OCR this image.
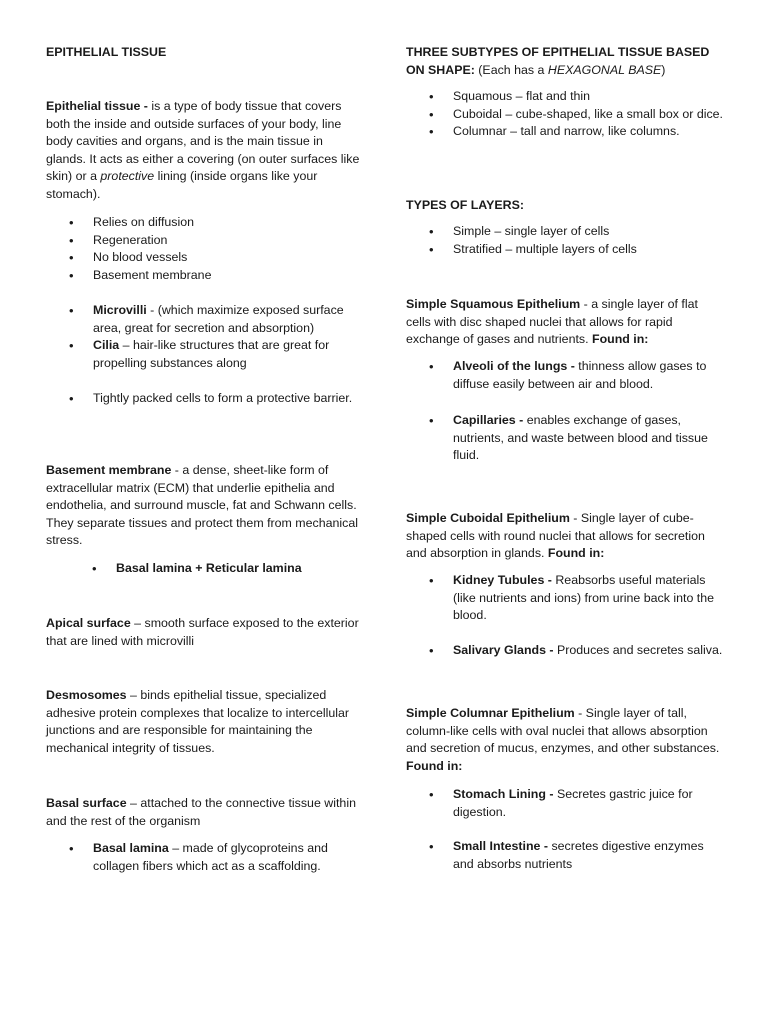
EPITHELIAL TISSUE

Epithelial tissue - is a type of body tissue that covers both the inside and outside surfaces of your body, line body cavities and organs, and is the main tissue in glands. It acts as either a covering (on outer surfaces like skin) or a protective lining (inside organs like your stomach).

• Relies on diffusion
• Regeneration
• No blood vessels
• Basement membrane
• Microvilli - (which maximize exposed surface area, great for secretion and absorption)
• Cilia – hair-like structures that are great for propelling substances along
• Tightly packed cells to form a protective barrier.

Basement membrane - a dense, sheet-like form of extracellular matrix (ECM) that underlie epithelia and endothelia, and surround muscle, fat and Schwann cells. They separate tissues and protect them from mechanical stress.

• Basal lamina + Reticular lamina

Apical surface – smooth surface exposed to the exterior that are lined with microvilli

Desmosomes – binds epithelial tissue, specialized adhesive protein complexes that localize to intercellular junctions and are responsible for maintaining the mechanical integrity of tissues.

Basal surface – attached to the connective tissue within and the rest of the organism

• Basal lamina – made of glycoproteins and collagen fibers which act as a scaffolding.

THREE SUBTYPES OF EPITHELIAL TISSUE BASED ON SHAPE: (Each has a HEXAGONAL BASE)

• Squamous – flat and thin
• Cuboidal – cube-shaped, like a small box or dice.
• Columnar – tall and narrow, like columns.

TYPES OF LAYERS:

• Simple – single layer of cells
• Stratified – multiple layers of cells

Simple Squamous Epithelium - a single layer of flat cells with disc shaped nuclei that allows for rapid exchange of gases and nutrients. Found in:

• Alveoli of the lungs - thinness allow gases to diffuse easily between air and blood.
• Capillaries - enables exchange of gases, nutrients, and waste between blood and tissue fluid.

Simple Cuboidal Epithelium - Single layer of cube-shaped cells with round nuclei that allows for secretion and absorption in glands. Found in:

• Kidney Tubules - Reabsorbs useful materials (like nutrients and ions) from urine back into the blood.
• Salivary Glands - Produces and secretes saliva.

Simple Columnar Epithelium - Single layer of tall, column-like cells with oval nuclei that allows absorption and secretion of mucus, enzymes, and other substances. Found in:

• Stomach Lining - Secretes gastric juice for digestion.
• Small Intestine - secretes digestive enzymes and absorbs nutrients
